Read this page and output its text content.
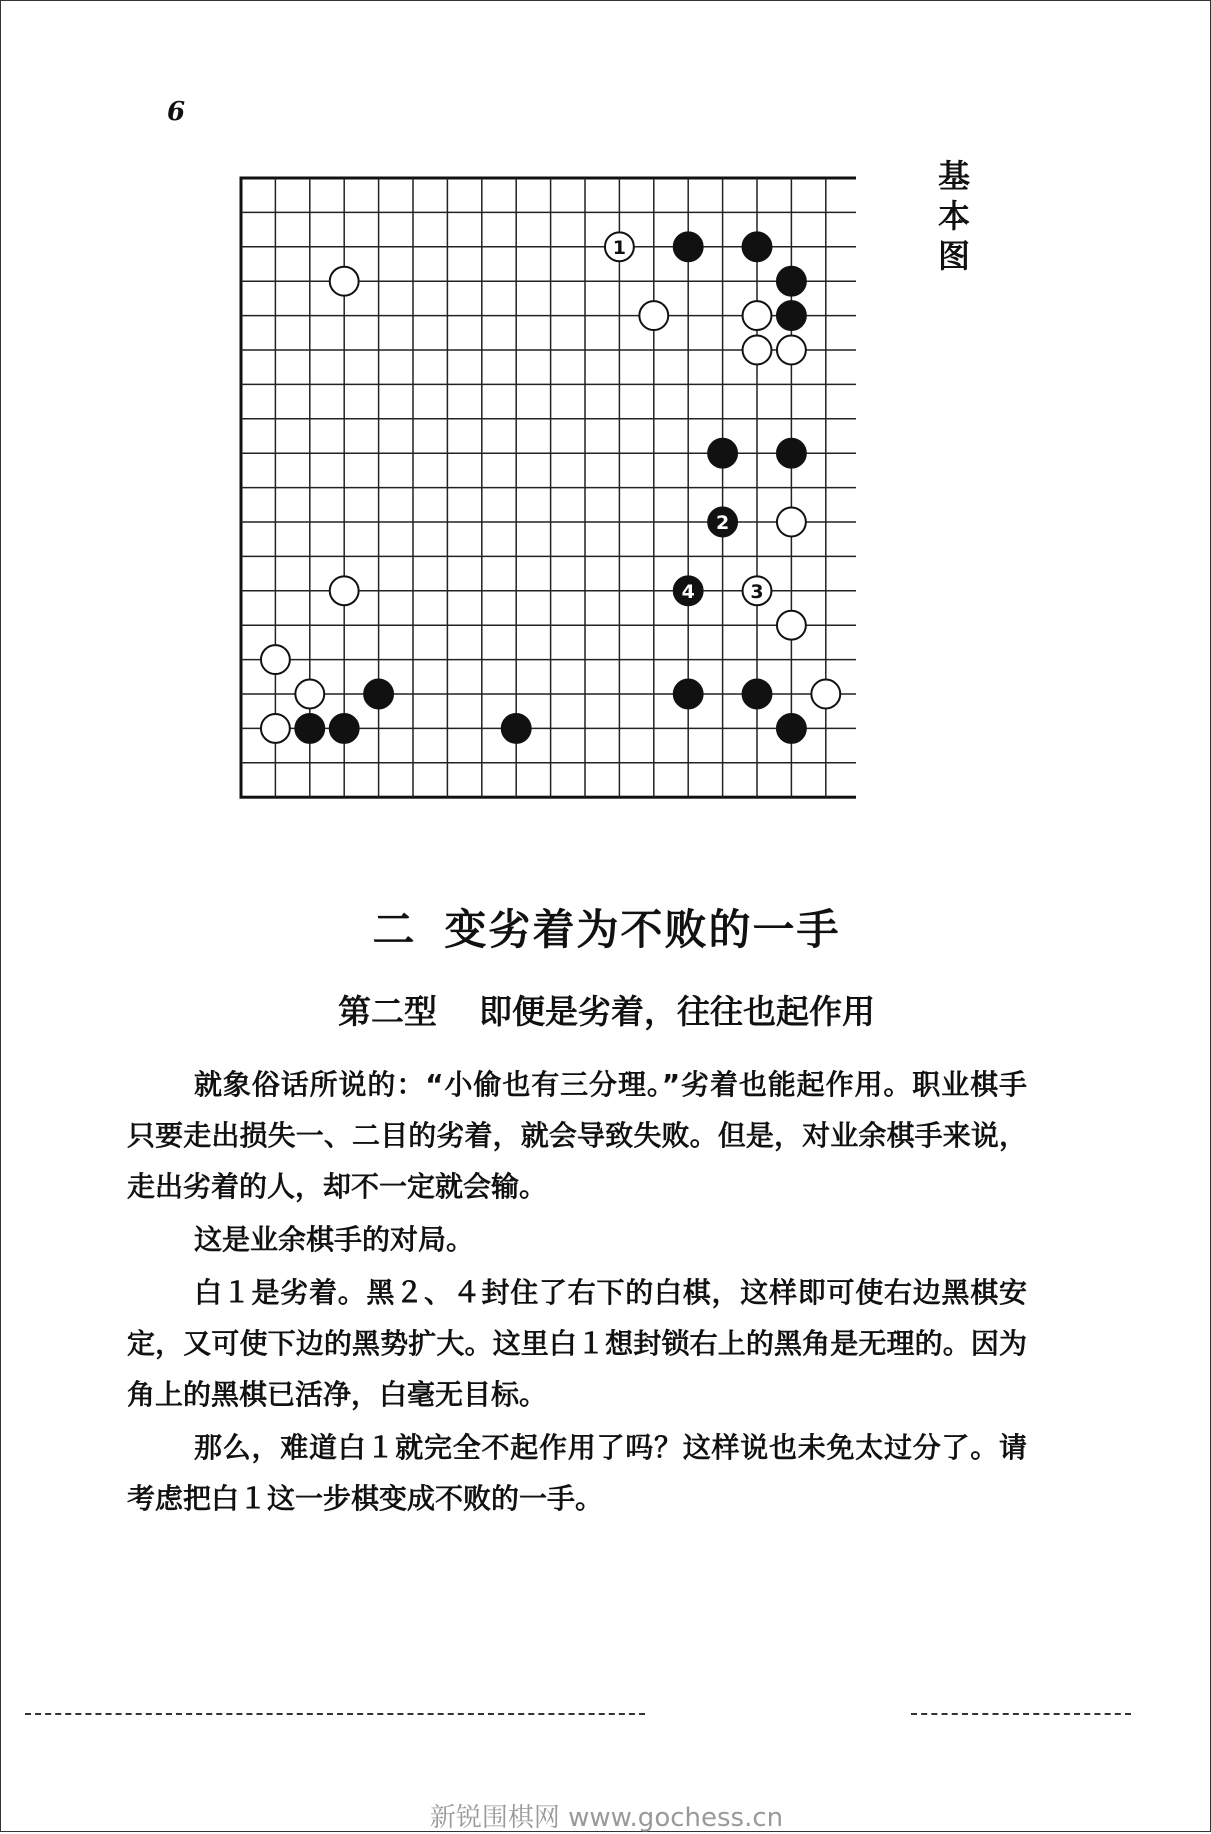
6
1
2
4	3
基本图
二 变劣着为不败的一手
第二型 即便是劣着，往往也起作用

就象俗话所说的：“小偷也有三分理。”劣着也能起作用。职业棋手只要走出损失一、二目的劣着，就会导致失败。但是，对业余棋手来说，走出劣着的人，却不一定就会输。

这是业余棋手的对局。

白１是劣着。黑２、４封住了右下的白棋，这样即可使右边黑棋安定，又可使下边的黑势扩大。这里白１想封锁右上的黑角是无理的。因为角上的黑棋已活净，白毫无目标。

那么，难道白１就完全不起作用了吗？这样说也未免太过分了。请考虑把白１这一步棋变成不败的一手。

新锐围棋网 www.gochess.cn
